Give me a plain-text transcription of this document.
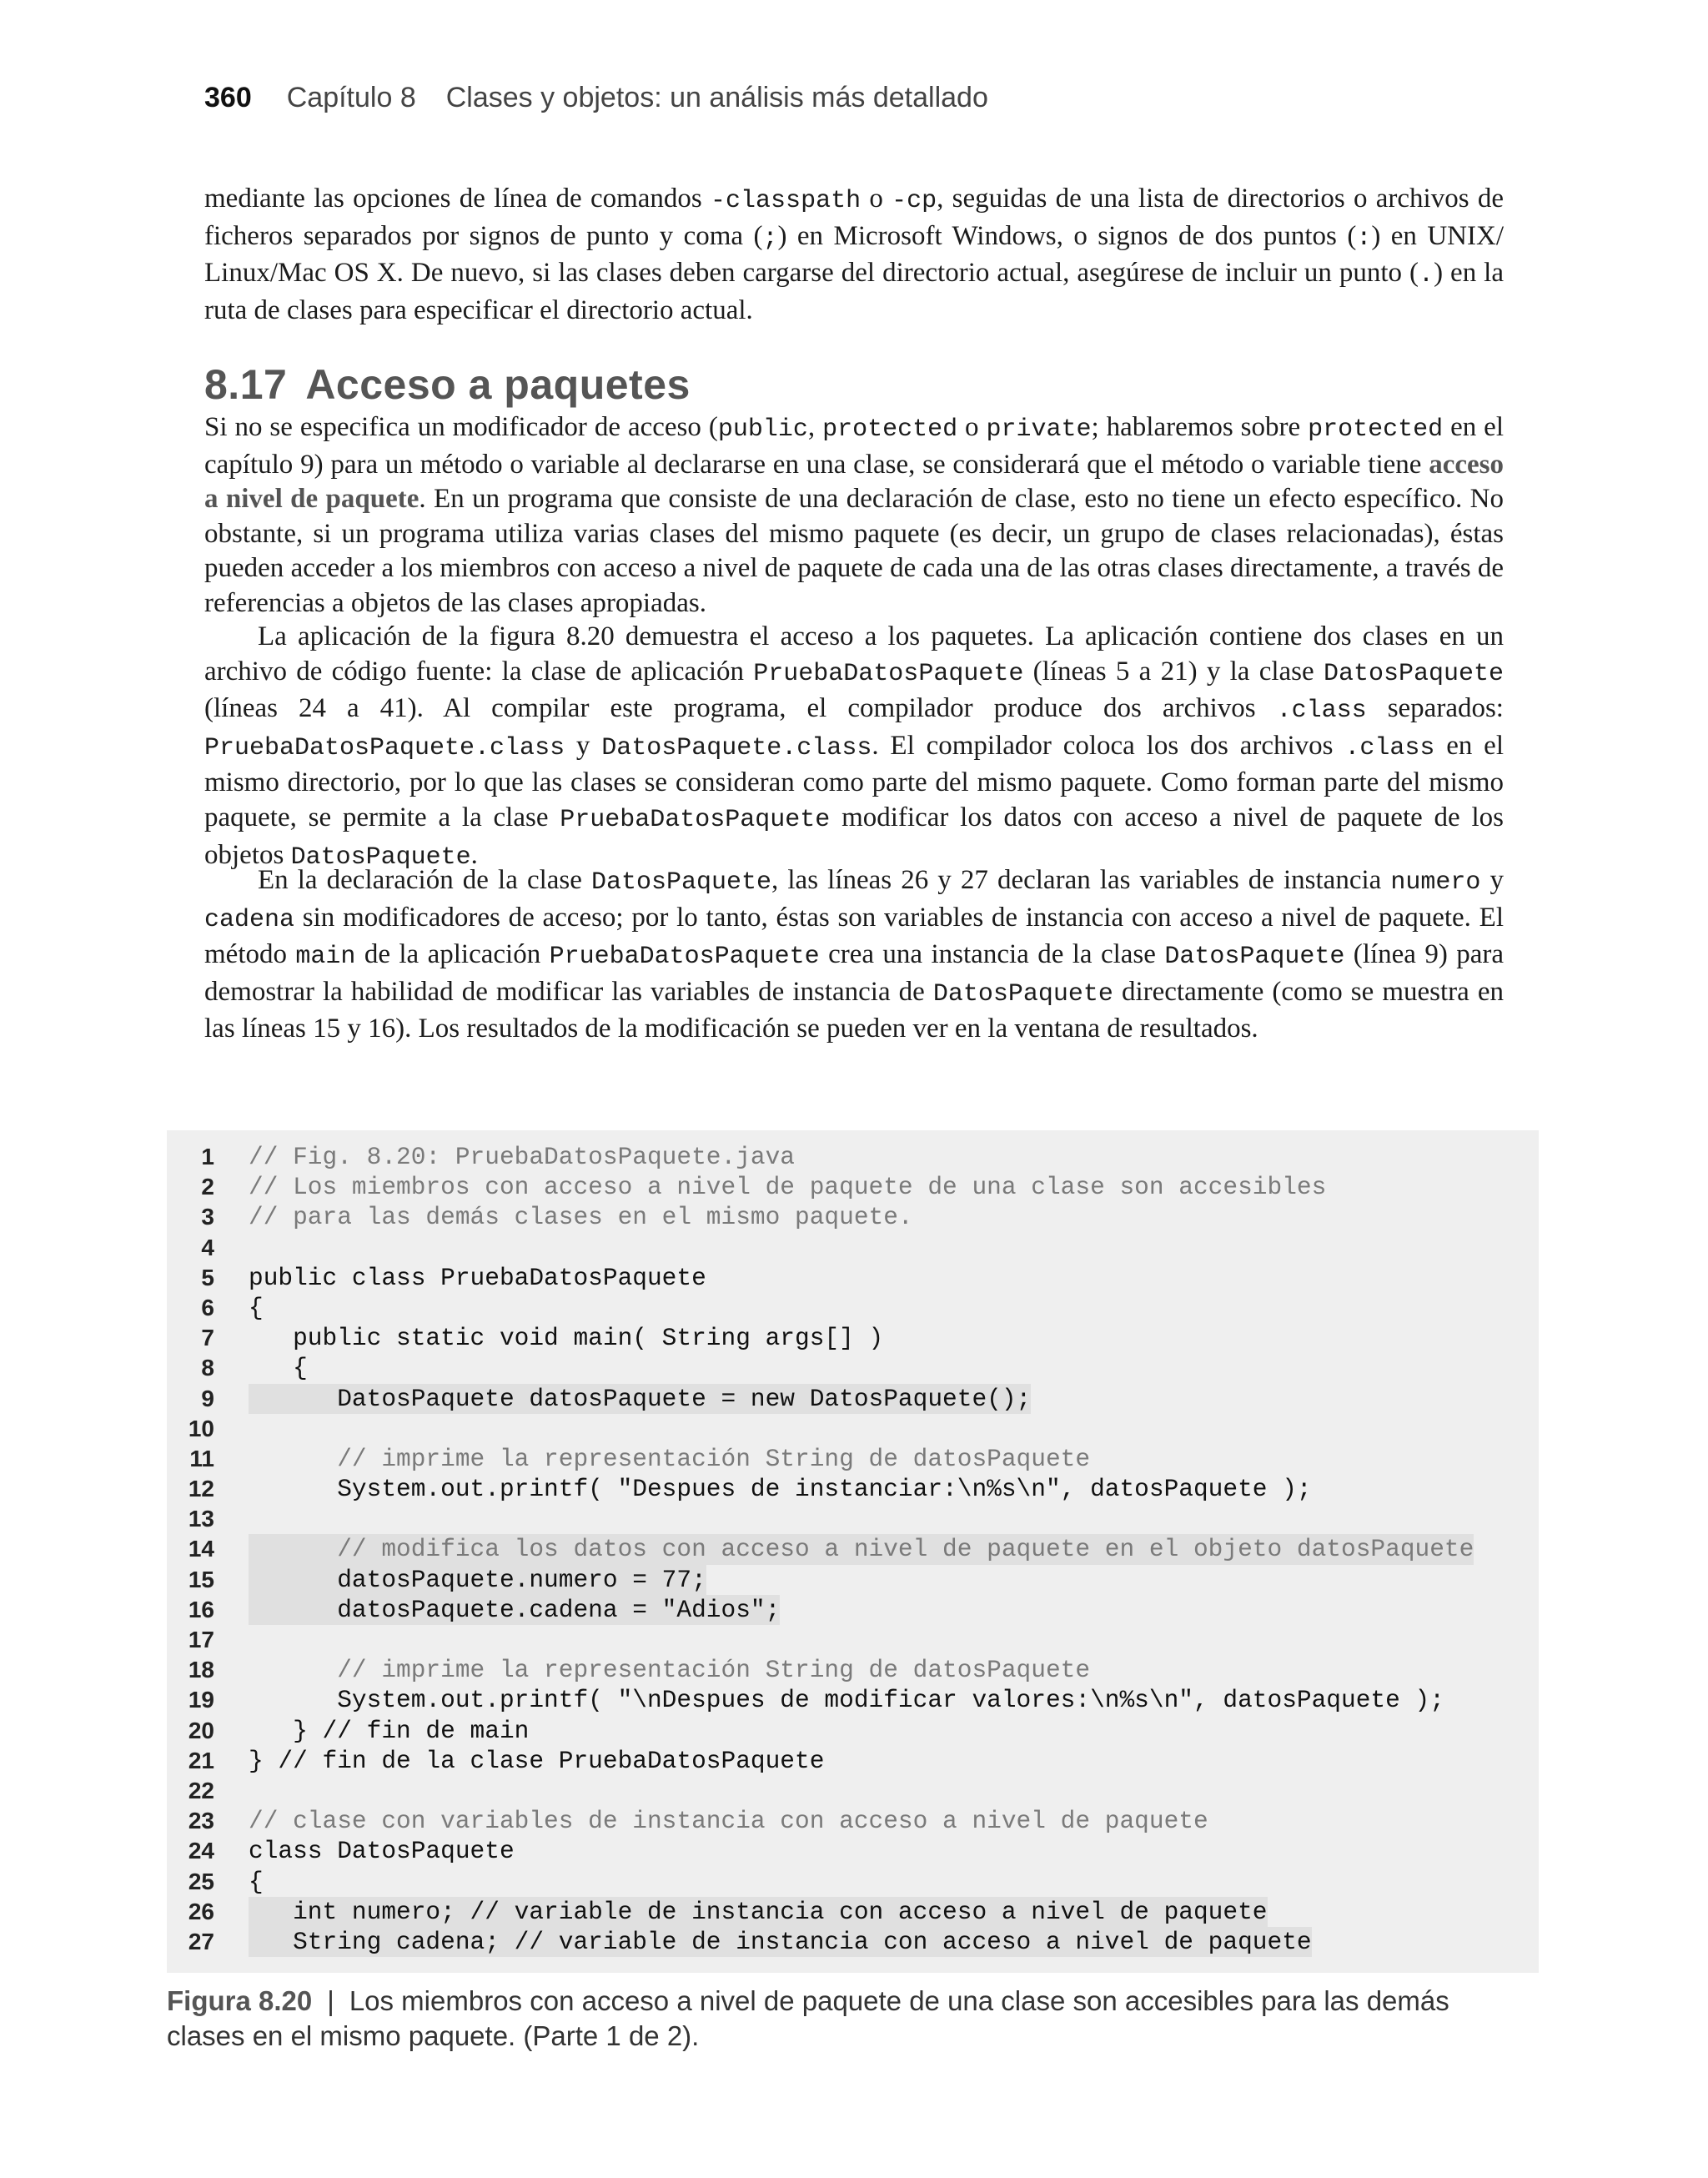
360 Capítulo 8 Clases y objetos: un análisis más detallado
mediante las opciones de línea de comandos -classpath o -cp, seguidas de una lista de directorios o archivos de ficheros separados por signos de punto y coma (;) en Microsoft Windows, o signos de dos puntos (:) en UNIX/ Linux/Mac OS X. De nuevo, si las clases deben cargarse del directorio actual, asegúrese de incluir un punto (.) en la ruta de clases para especificar el directorio actual.
8.17 Acceso a paquetes
Si no se especifica un modificador de acceso (public, protected o private; hablaremos sobre protected en el capítulo 9) para un método o variable al declararse en una clase, se considerará que el método o variable tiene acceso a nivel de paquete. En un programa que consiste de una declaración de clase, esto no tiene un efecto específico. No obstante, si un programa utiliza varias clases del mismo paquete (es decir, un grupo de clases relacionadas), éstas pueden acceder a los miembros con acceso a nivel de paquete de cada una de las otras clases directamente, a través de referencias a objetos de las clases apropiadas.
La aplicación de la figura 8.20 demuestra el acceso a los paquetes. La aplicación contiene dos clases en un archivo de código fuente: la clase de aplicación PruebaDatosPaquete (líneas 5 a 21) y la clase DatosPaquete (líneas 24 a 41). Al compilar este programa, el compilador produce dos archivos .class separados: PruebaDatosPaquete.class y DatosPaquete.class. El compilador coloca los dos archivos .class en el mismo directorio, por lo que las clases se consideran como parte del mismo paquete. Como forman parte del mismo paquete, se permite a la clase PruebaDatosPaquete modificar los datos con acceso a nivel de paquete de los objetos DatosPaquete.
En la declaración de la clase DatosPaquete, las líneas 26 y 27 declaran las variables de instancia numero y cadena sin modificadores de acceso; por lo tanto, éstas son variables de instancia con acceso a nivel de paquete. El método main de la aplicación PruebaDatosPaquete crea una instancia de la clase DatosPaquete (línea 9) para demostrar la habilidad de modificar las variables de instancia de DatosPaquete directamente (como se muestra en las líneas 15 y 16). Los resultados de la modificación se pueden ver en la ventana de resultados.
1 // Fig. 8.20: PruebaDatosPaquete.java
2 // Los miembros con acceso a nivel de paquete de una clase son accesibles
3 // para las demás clases en el mismo paquete.
4
5 public class PruebaDatosPaquete
6 {
7 public static void main( String args[] )
8 {
9 DatosPaquete datosPaquete = new DatosPaquete();
10
11 // imprime la representación String de datosPaquete
12 System.out.printf( "Despues de instanciar:\n%s\n", datosPaquete );
13
14 // modifica los datos con acceso a nivel de paquete en el objeto datosPaquete
15 datosPaquete.numero = 77;
16 datosPaquete.cadena = "Adios";
17
18 // imprime la representación String de datosPaquete
19 System.out.printf( "\nDespues de modificar valores:\n%s\n", datosPaquete );
20 } // fin de main
21 } // fin de la clase PruebaDatosPaquete
22
23 // clase con variables de instancia con acceso a nivel de paquete
24 class DatosPaquete
25 {
26 int numero; // variable de instancia con acceso a nivel de paquete
27 String cadena; // variable de instancia con acceso a nivel de paquete
Figura 8.20 | Los miembros con acceso a nivel de paquete de una clase son accesibles para las demás clases en el mismo paquete. (Parte 1 de 2).
